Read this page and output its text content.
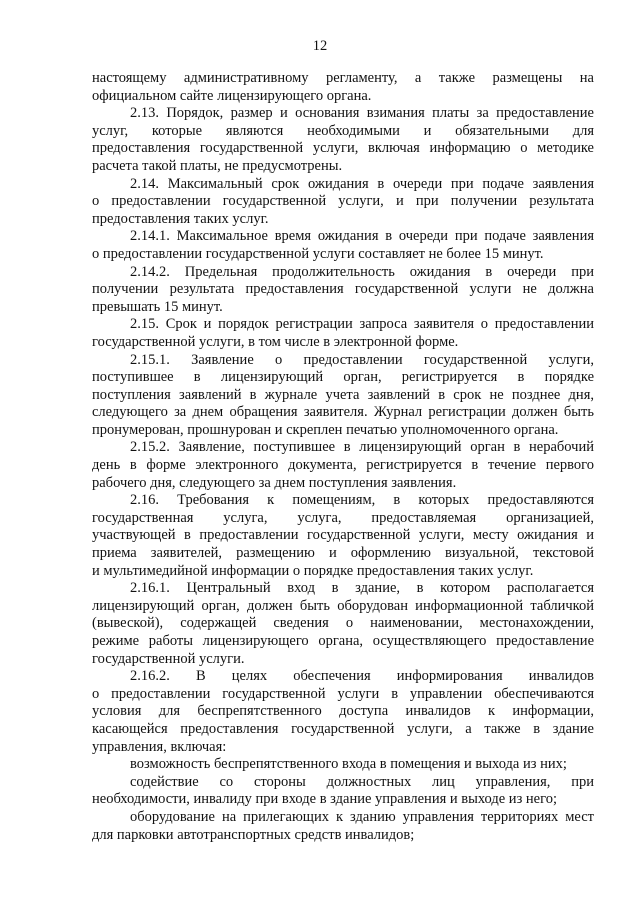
12
настоящему административному регламенту, а также размещены на
официальном сайте лицензирующего органа.
2.13. Порядок, размер и основания взимания платы за предоставление
услуг, которые являются необходимыми и обязательными для
предоставления государственной услуги, включая информацию о методике
расчета такой платы, не предусмотрены.
2.14. Максимальный срок ожидания в очереди при подаче заявления
о предоставлении государственной услуги, и при получении результата
предоставления таких услуг.
2.14.1. Максимальное время ожидания в очереди при подаче заявления
о предоставлении государственной услуги составляет не более 15 минут.
2.14.2. Предельная продолжительность ожидания в очереди при
получении результата предоставления государственной услуги не должна
превышать 15 минут.
2.15. Срок и порядок регистрации запроса заявителя о предоставлении
государственной услуги, в том числе в электронной форме.
2.15.1. Заявление о предоставлении государственной услуги,
поступившее в лицензирующий орган, регистрируется в порядке
поступления заявлений в журнале учета заявлений в срок не позднее дня,
следующего за днем обращения заявителя. Журнал регистрации должен быть
пронумерован, прошнурован и скреплен печатью уполномоченного органа.
2.15.2. Заявление, поступившее в лицензирующий орган в нерабочий
день в форме электронного документа, регистрируется в течение первого
рабочего дня, следующего за днем поступления заявления.
2.16. Требования к помещениям, в которых предоставляются
государственная услуга, услуга, предоставляемая организацией,
участвующей в предоставлении государственной услуги, месту ожидания и
приема заявителей, размещению и оформлению визуальной, текстовой
и мультимедийной информации о порядке предоставления таких услуг.
2.16.1. Центральный вход в здание, в котором располагается
лицензирующий орган, должен быть оборудован информационной табличкой
(вывеской), содержащей сведения о наименовании, местонахождении,
режиме работы лицензирующего органа, осуществляющего предоставление
государственной услуги.
2.16.2. В целях обеспечения информирования инвалидов
о предоставлении государственной услуги в управлении обеспечиваются
условия для беспрепятственного доступа инвалидов к информации,
касающейся предоставления государственной услуги, а также в здание
управления, включая:
возможность беспрепятственного входа в помещения и выхода из них;
содействие со стороны должностных лиц управления, при
необходимости, инвалиду при входе в здание управления и выходе из него;
оборудование на прилегающих к зданию управления территориях мест
для парковки автотранспортных средств инвалидов;
